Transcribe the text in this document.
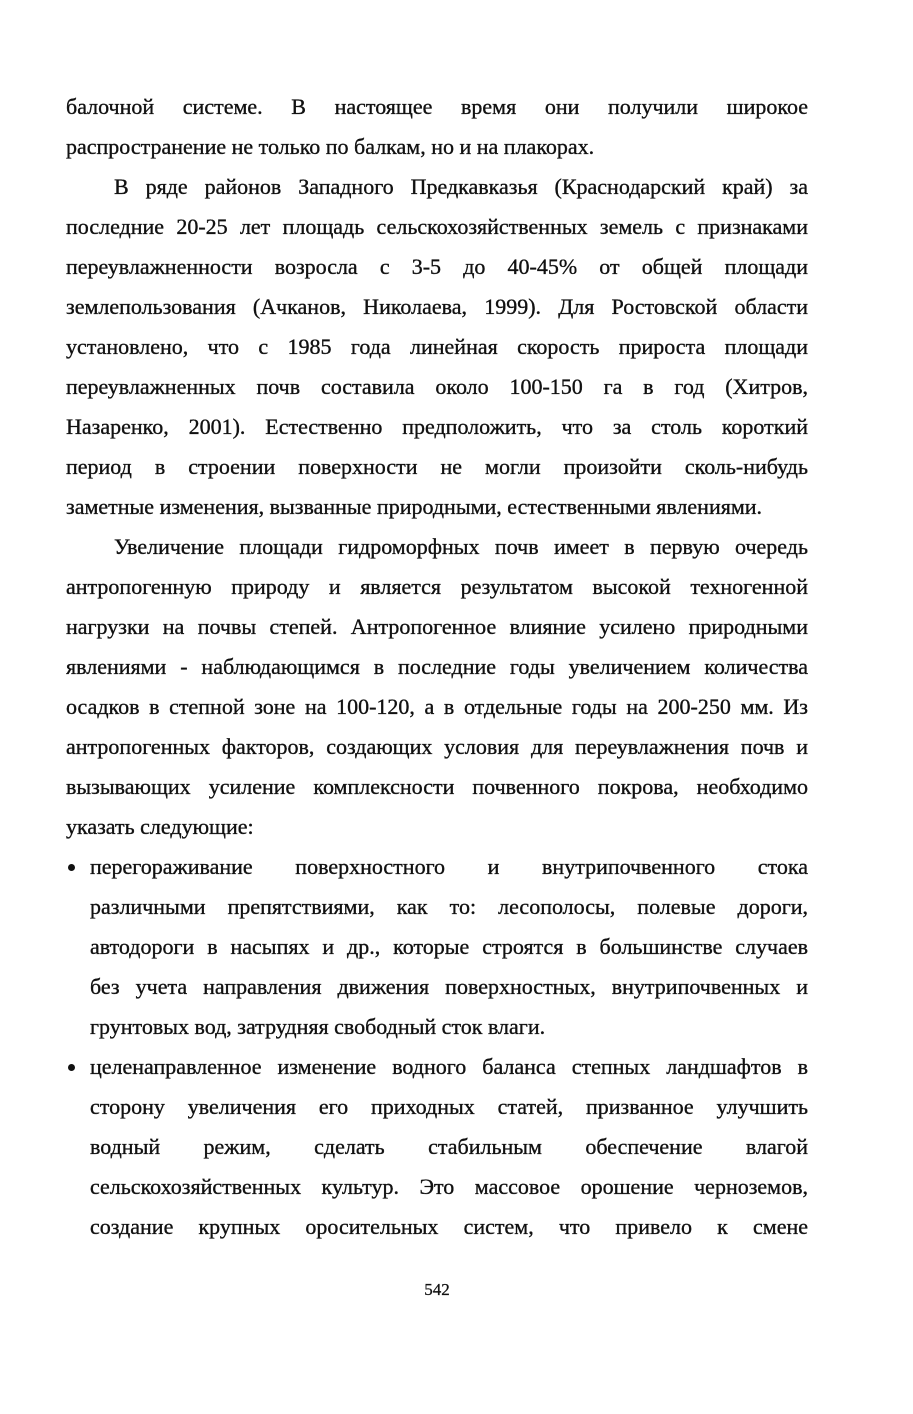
балочной системе. В настоящее время они получили широкое
распространение не только по балкам, но и на плакорах.
В ряде районов Западного Предкавказья (Краснодарский край) за
последние 20-25 лет площадь сельскохозяйственных земель с признаками
переувлажненности возросла с 3-5 до 40-45% от общей площади
землепользования (Ачканов, Николаева, 1999). Для Ростовской области
установлено, что с 1985 года линейная скорость прироста площади
переувлажненных почв составила около 100-150 га в год (Хитров,
Назаренко, 2001). Естественно предположить, что за столь короткий
период в строении поверхности не могли произойти сколь-нибудь
заметные изменения, вызванные природными, естественными явлениями.
Увеличение площади гидроморфных почв имеет в первую очередь
антропогенную природу и является результатом высокой техногенной
нагрузки на почвы степей. Антропогенное влияние усилено природными
явлениями - наблюдающимся в последние годы увеличением количества
осадков в степной зоне на 100-120, а в отдельные годы на 200-250 мм. Из
антропогенных факторов, создающих условия для переувлажнения почв и
вызывающих усиление комплексности почвенного покрова, необходимо
указать следующие:
перегораживание поверхностного и внутрипочвенного стока
различными препятствиями, как то: лесополосы, полевые дороги,
автодороги в насыпях и др., которые строятся в большинстве случаев
без учета направления движения поверхностных, внутрипочвенных и
грунтовых вод, затрудняя свободный сток влаги.
целенаправленное изменение водного баланса степных ландшафтов в
сторону увеличения его приходных статей, призванное улучшить
водный режим, сделать стабильным обеспечение влагой
сельскохозяйственных культур. Это массовое орошение черноземов,
создание крупных оросительных систем, что привело к смене
542
